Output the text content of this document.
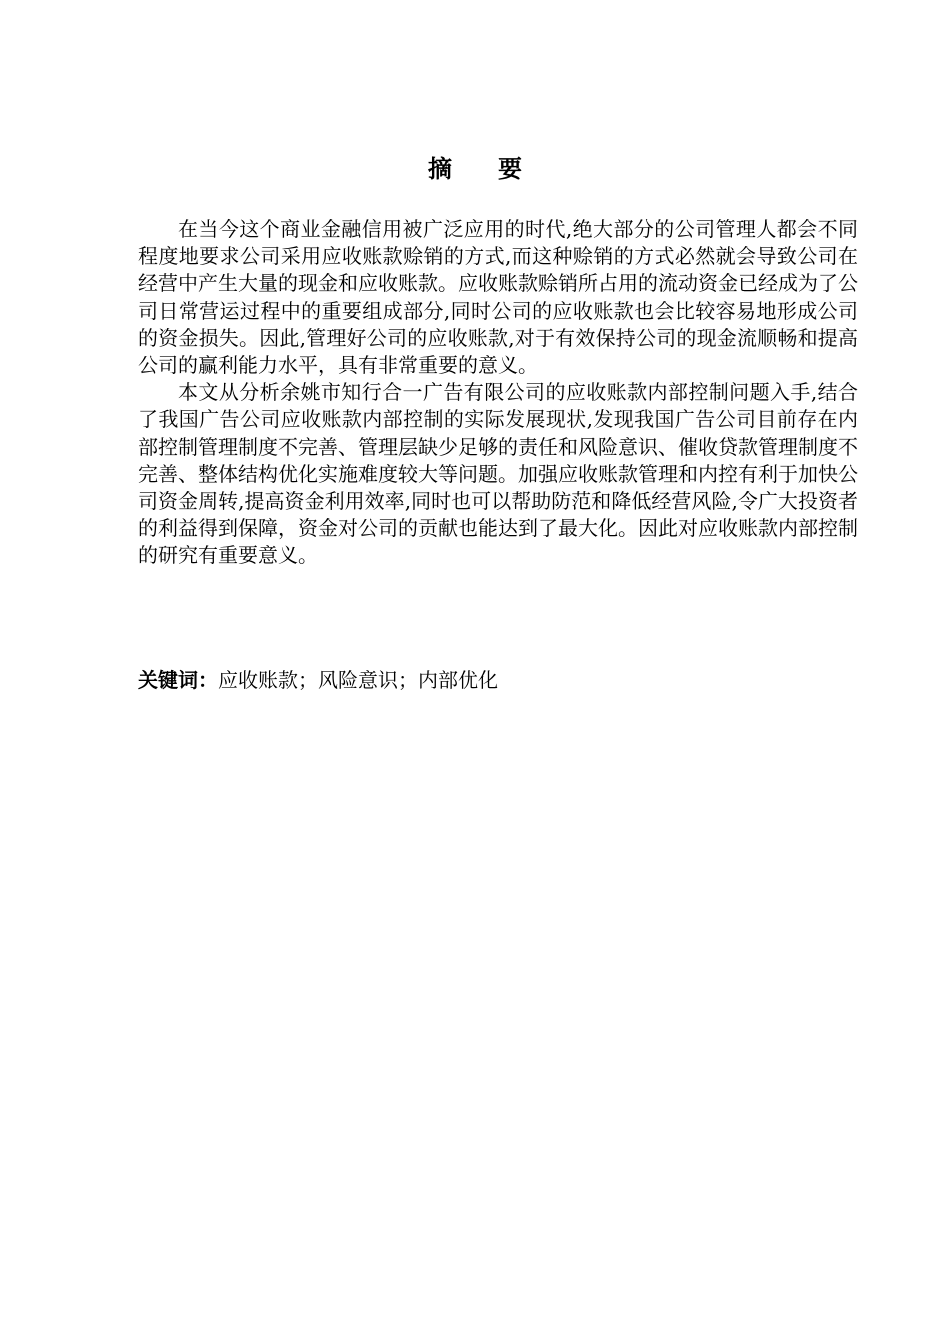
摘 要

在当今这个商业金融信用被广泛应用的时代,绝大部分的公司管理人都会不同程度地要求公司采用应收账款赊销的方式,而这种赊销的方式必然就会导致公司在经营中产生大量的现金和应收账款。应收账款赊销所占用的流动资金已经成为了公司日常营运过程中的重要组成部分,同时公司的应收账款也会比较容易地形成公司的资金损失。因此,管理好公司的应收账款,对于有效保持公司的现金流顺畅和提高公司的赢利能力水平，具有非常重要的意义。

本文从分析余姚市知行合一广告有限公司的应收账款内部控制问题入手,结合了我国广告公司应收账款内部控制的实际发展现状,发现我国广告公司目前存在内部控制管理制度不完善、管理层缺少足够的责任和风险意识、催收贷款管理制度不完善、整体结构优化实施难度较大等问题。加强应收账款管理和内控有利于加快公司资金周转,提高资金利用效率,同时也可以帮助防范和降低经营风险,令广大投资者的利益得到保障，资金对公司的贡献也能达到了最大化。因此对应收账款内部控制的研究有重要意义。

关键词：应收账款；风险意识；内部优化
